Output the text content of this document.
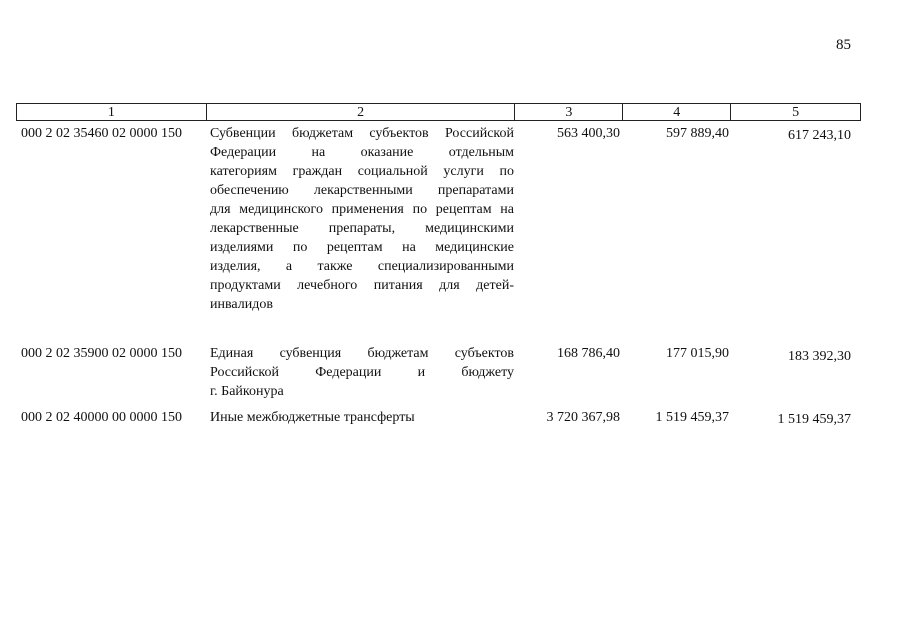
85
1	2	3	4	5
000 2 02 35460 02 0000 150 Субвенции бюджетам субъектов Российской
Федерации на оказание отдельным
категориям граждан социальной услуги по
обеспечению лекарственными препаратами
для медицинского применения по рецептам на
лекарственные препараты, медицинскими
изделиями по рецептам на медицинские
изделия, а также специализированными
продуктами лечебного питания для детей-
инвалидов
563 400,30	597 889,40	617 243,10
000 2 02 35900 02 0000 150 Единая субвенция бюджетам субъектов
Российской Федерации и бюджету
г. Байконура
168 786,40	177 015,90	183 392,30
000 2 02 40000 00 0000 150 Иные межбюджетные трансферты	3 720 367,98	1 519 459,37	1 519 459,37
